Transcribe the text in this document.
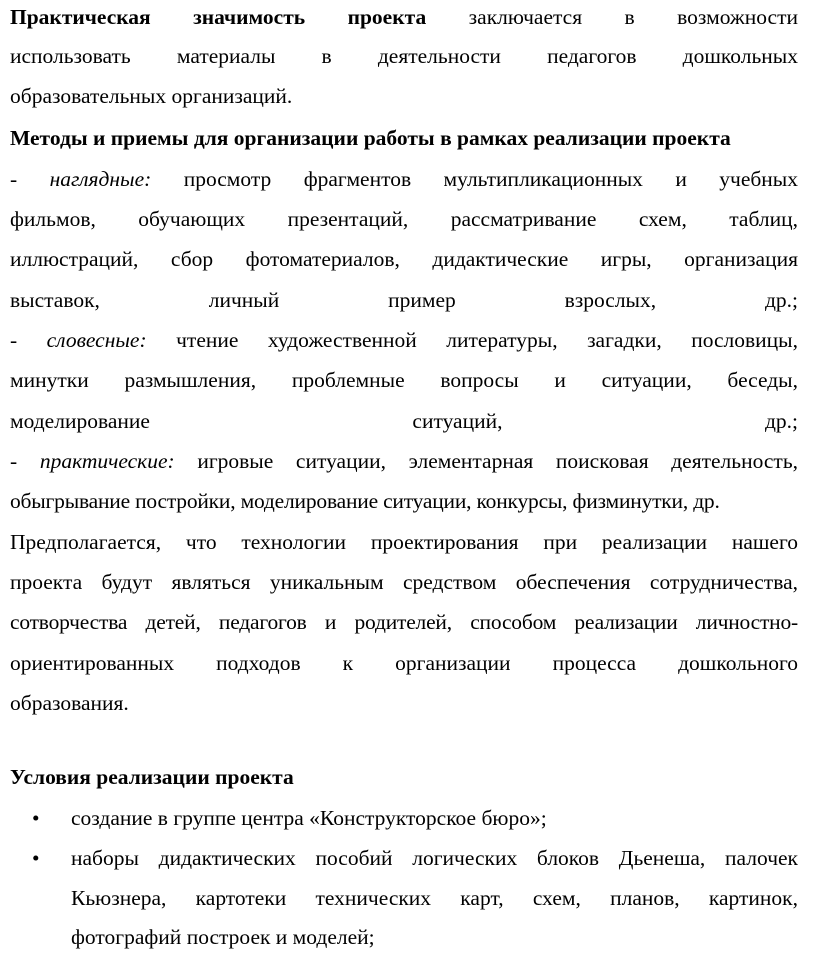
Практическая значимость проекта заключается в возможности
использовать материалы в деятельности педагогов дошкольных
образовательных организаций.
Методы и приемы для организации работы в рамках реализации проекта
- наглядные: просмотр фрагментов мультипликационных и учебных
фильмов, обучающих презентаций, рассматривание схем, таблиц,
иллюстраций, сбор фотоматериалов, дидактические игры, организация
выставок, личный пример взрослых, др.;
- словесные: чтение художественной литературы, загадки, пословицы,
минутки размышления, проблемные вопросы и ситуации, беседы,
моделирование ситуаций, др.;
- практические: игровые ситуации, элементарная поисковая деятельность,
обыгрывание постройки, моделирование ситуации, конкурсы, физминутки, др.
Предполагается, что технологии проектирования при реализации нашего
проекта будут являться уникальным средством обеспечения сотрудничества,
сотворчества детей, педагогов и родителей, способом реализации личностно-
ориентированных подходов к организации процесса дошкольного
образования.
Условия реализации проекта
•	создание в группе центра «Конструкторское бюро»;
•	наборы дидактических пособий логических блоков Дьенеша, палочек
Кьюзнера, картотеки технических карт, схем, планов, картинок,
фотографий построек и моделей;
